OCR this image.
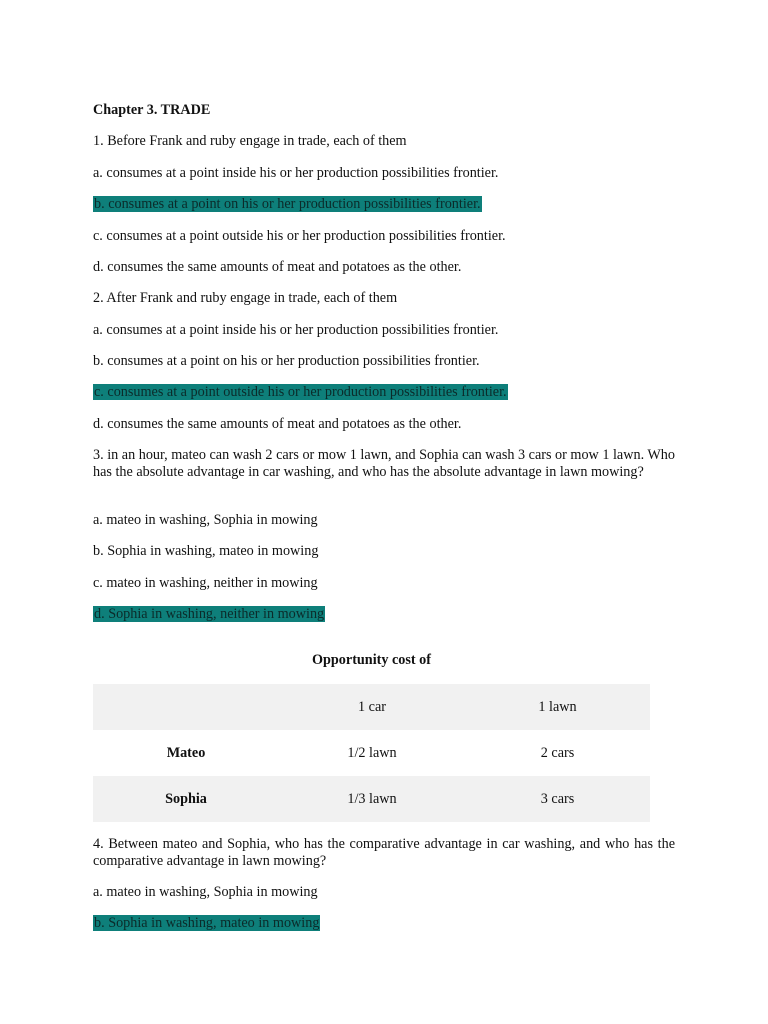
Chapter 3. TRADE
1. Before Frank and ruby engage in trade, each of them
a. consumes at a point inside his or her production possibilities frontier.
b. consumes at a point on his or her production possibilities frontier.
c. consumes at a point outside his or her production possibilities frontier.
d. consumes the same amounts of meat and potatoes as the other.
2. After Frank and ruby engage in trade, each of them
a. consumes at a point inside his or her production possibilities frontier.
b. consumes at a point on his or her production possibilities frontier.
c. consumes at a point outside his or her production possibilities frontier.
d. consumes the same amounts of meat and potatoes as the other.
3. in an hour, mateo can wash 2 cars or mow 1 lawn, and Sophia can wash 3 cars or mow 1 lawn. Who has the absolute advantage in car washing, and who has the absolute advantage in lawn mowing?
a. mateo in washing, Sophia in mowing
b. Sophia in washing, mateo in mowing
c. mateo in washing, neither in mowing
d. Sophia in washing, neither in mowing
Opportunity cost of
	1 car	1 lawn
Mateo	1/2 lawn	2 cars
Sophia	1/3 lawn	3 cars
4. Between mateo and Sophia, who has the comparative advantage in car washing, and who has the comparative advantage in lawn mowing?
a. mateo in washing, Sophia in mowing
b. Sophia in washing, mateo in mowing
